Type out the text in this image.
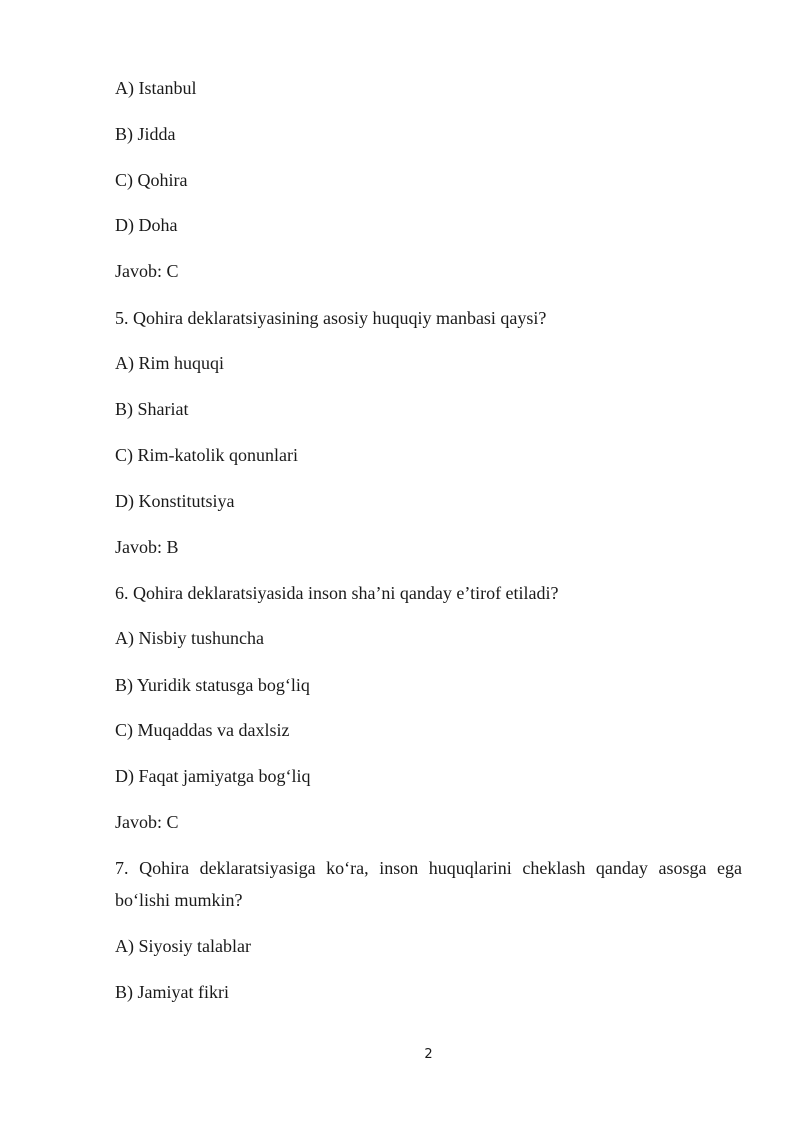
A) Istanbul
B) Jidda
C) Qohira
D) Doha
Javob: C
5. Qohira deklaratsiyasining asosiy huquqiy manbasi qaysi?
A) Rim huquqi
B) Shariat
C) Rim-katolik qonunlari
D) Konstitutsiya
Javob: B
6. Qohira deklaratsiyasida inson sha’ni qanday e’tirof etiladi?
A) Nisbiy tushuncha
B) Yuridik statusga bog‘liq
C) Muqaddas va daxlsiz
D) Faqat jamiyatga bog‘liq
Javob: C
7. Qohira deklaratsiyasiga ko‘ra, inson huquqlarini cheklash qanday asosga ega
bo‘lishi mumkin?
A) Siyosiy talablar
B) Jamiyat fikri
2
